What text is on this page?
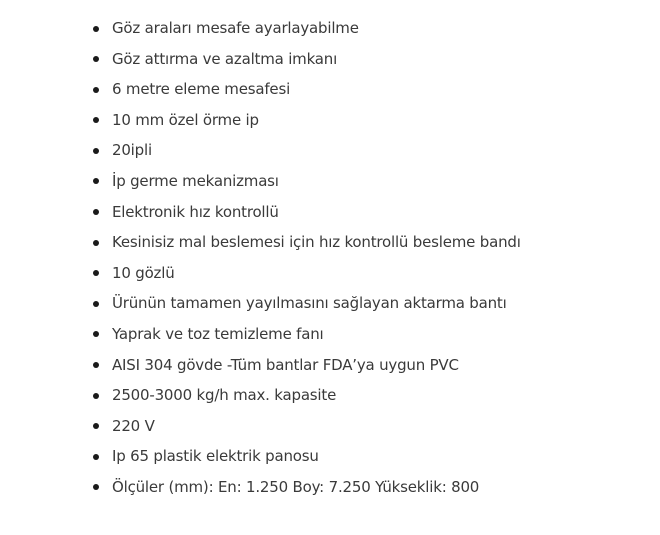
Göz araları mesafe ayarlayabilme
Göz attırma ve azaltma imkanı
6 metre eleme mesafesi
10 mm özel örme ip
20ipli
İp germe mekanizması
Elektronik hız kontrollü
Kesinisiz mal beslemesi için hız kontrollü besleme bandı
10 gözlü
Ürünün tamamen yayılmasını sağlayan aktarma bantı
Yaprak ve toz temizleme fanı
AISI 304 gövde -Tüm bantlar FDA’ya uygun PVC
2500-3000 kg/h max. kapasite
220 V
Ip 65 plastik elektrik panosu
Ölçüler (mm): En: 1.250 Boy: 7.250 Yükseklik: 800
